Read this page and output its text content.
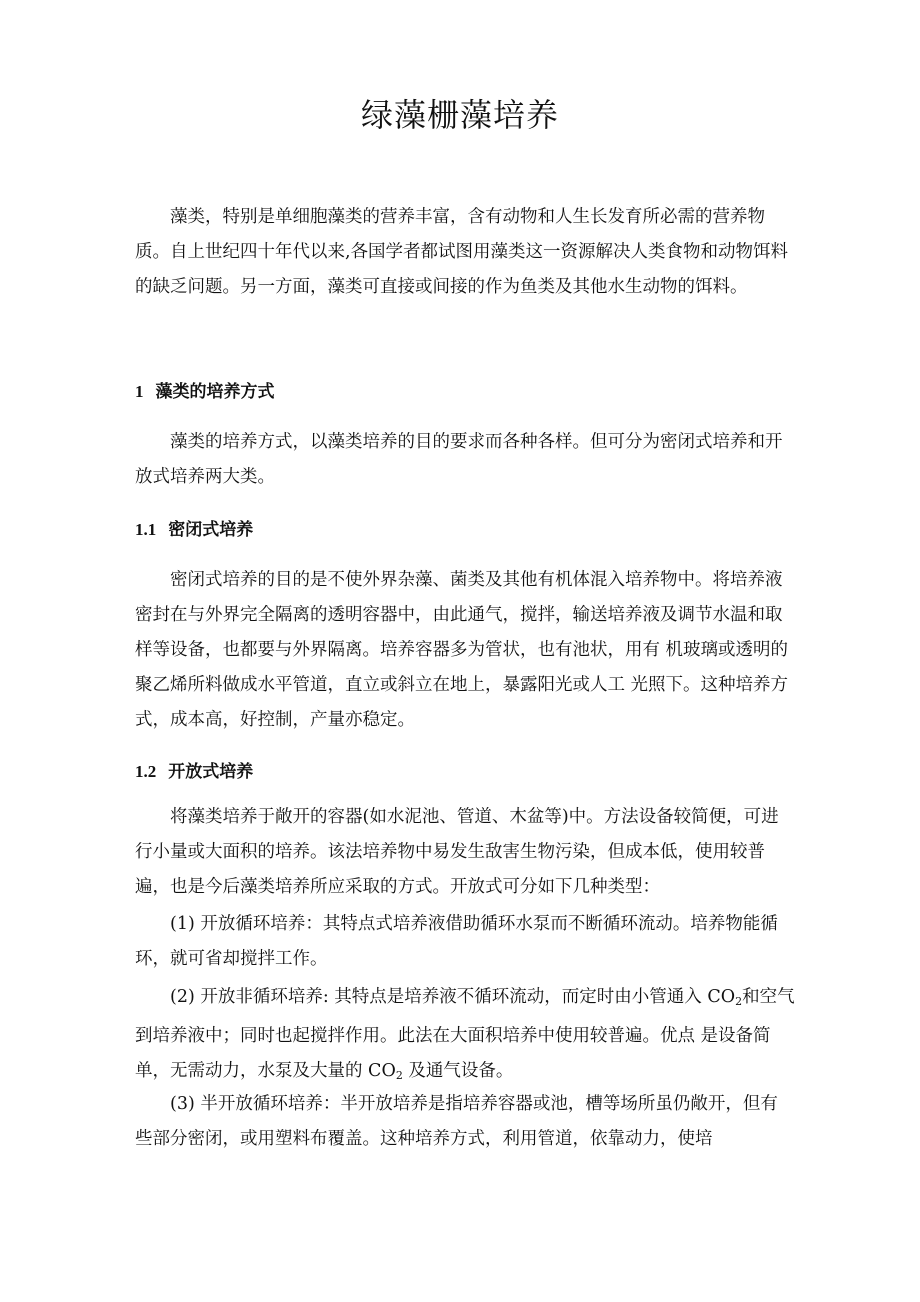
绿藻栅藻培养

藻类，特别是单细胞藻类的营养丰富，含有动物和人生长发育所必需的营养物质。自上世纪四十年代以来,各国学者都试图用藻类这一资源解决人类食物和动物饵料的缺乏问题。另一方面，藻类可直接或间接的作为鱼类及其他水生动物的饵料。

1 藻类的培养方式

藻类的培养方式，以藻类培养的目的要求而各种各样。但可分为密闭式培养和开放式培养两大类。

1.1 密闭式培养

密闭式培养的目的是不使外界杂藻、菌类及其他有机体混入培养物中。将培养液密封在与外界完全隔离的透明容器中，由此通气，搅拌，输送培养液及调节水温和取样等设备，也都要与外界隔离。培养容器多为管状，也有池状，用有 机玻璃或透明的聚乙烯所料做成水平管道，直立或斜立在地上，暴露阳光或人工 光照下。这种培养方式，成本高，好控制，产量亦稳定。

1.2 开放式培养

将藻类培养于敞开的容器(如水泥池、管道、木盆等)中。方法设备较简便，可进行小量或大面积的培养。该法培养物中易发生敌害生物污染，但成本低，使用较普遍，也是今后藻类培养所应采取的方式。开放式可分如下几种类型：

(1) 开放循环培养：其特点式培养液借助循环水泵而不断循环流动。培养物能循环，就可省却搅拌工作。

(2) 开放非循环培养: 其特点是培养液不循环流动，而定时由小管通入 $CO_2$和空气到培养液中；同时也起搅拌作用。此法在大面积培养中使用较普遍。优点 是设备简单，无需动力，水泵及大量的 $CO_2$ 及通气设备。

(3) 半开放循环培养：半开放培养是指培养容器或池，槽等场所虽仍敞开，但有些部分密闭，或用塑料布覆盖。这种培养方式，利用管道，依靠动力，使培
